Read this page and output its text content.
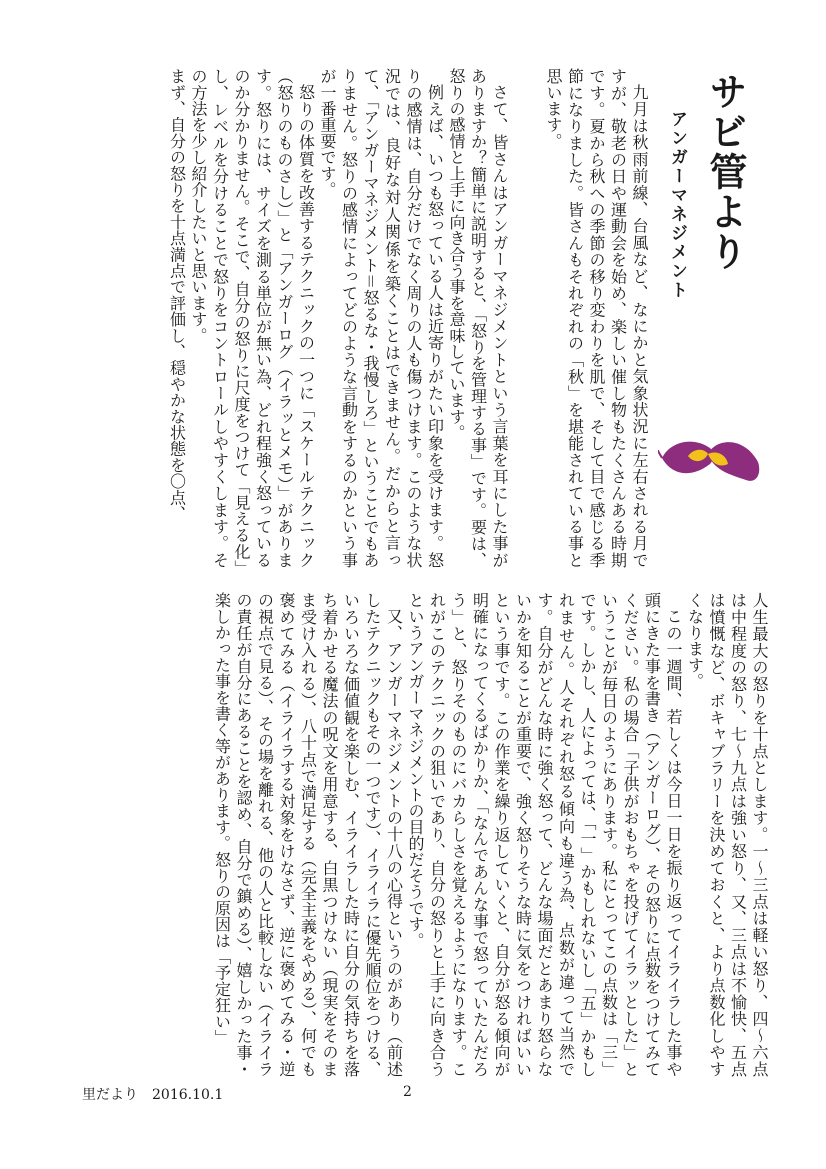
サビ管より
アンガーマネジメント

九月は秋雨前線、台風など、なにかと気象状況に左右される月ですが、敬老の日や運動会を始め、楽しい催し物もたくさんある時期です。夏から秋への季節の移り変わりを肌で、そして目で感じる季節になりました。皆さんもそれぞれの「秋」を堪能されている事と思います。

さて、皆さんはアンガーマネジメントという言葉を耳にした事がありますか？簡単に説明すると、「怒りを管理する事」です。要は、怒りの感情と上手に向き合う事を意味しています。

例えば、いつも怒っている人は近寄りがたい印象を受けます。怒りの感情は、自分だけでなく周りの人も傷つけます。このような状況では、良好な対人関係を築くことはできません。だからと言って、「アンガーマネジメント＝怒るな・我慢しろ」ということでもありません。怒りの感情によってどのような言動をするのかという事が一番重要です。

怒りの体質を改善するテクニックの一つに「スケールテクニック（怒りのものさし）」と「アンガーログ（イラッとメモ）」があります。怒りには、サイズを測る単位が無い為、どれ程強く怒っているのか分かりません。そこで、自分の怒りに尺度をつけて「見える化」し、レベルを分けることで怒りをコントロールしやすくします。その方法を少し紹介したいと思います。

まず、自分の怒りを十点満点で評価し、穏やかな状態を〇点、

人生最大の怒りを十点とします。一〜三点は軽い怒り、四〜六点は中程度の怒り、七〜九点は強い怒り、又、三点は不愉快、五点は憤慨など、ボキャブラリーを決めておくと、より点数化しやすくなります。

この一週間、若しくは今日一日を振り返ってイライラした事や頭にきた事を書き（アンガーログ）、その怒りに点数をつけてみてください。私の場合「子供がおもちゃを投げてイラッとした」ということが毎日のようにあります。私にとってこの点数は「三」です。しかし、人によっては、「一」かもしれないし「五」かもしれません。人それぞれ怒る傾向も違う為、点数が違って当然です。自分がどんな時に強く怒って、どんな場面だとあまり怒らないかを知ることが重要で、強く怒りそうな時に気をつければいいという事です。この作業を繰り返していくと、自分が怒る傾向が明確になってくるばかりか、「なんであんな事で怒っていたんだろう」と、怒りそのものにバカらしさを覚えるようになります。これがこのテクニックの狙いであり、自分の怒りと上手に向き合うというアンガーマネジメントの目的だそうです。

又、アンガーマネジメントの十八の心得というのがあり（前述したテクニックもその一つです）、イライラに優先順位をつける、いろいろな価値観を楽しむ、イライラした時に自分の気持ちを落ち着かせる魔法の呪文を用意する、白黒つけない（現実をそのまま受け入れる）、八十点で満足する（完全主義をやめる）、何でも褒めてみる（イライラする対象をけなさず、逆に褒めてみる・逆の視点で見る）、その場を離れる、他の人と比較しない（イライラの責任が自分にあることを認め、自分で鎮める）、嬉しかった事・楽しかった事を書く等があります。怒りの原因は「予定狂い」

里だより 2016.10.1	2
